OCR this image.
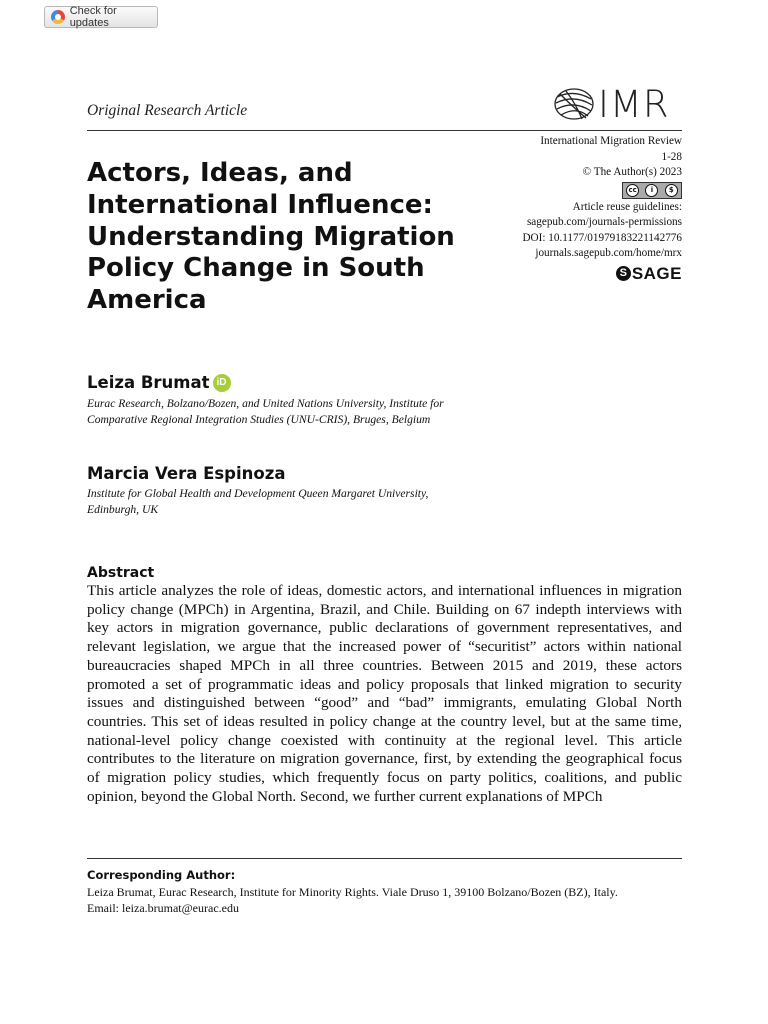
Check for updates
Original Research Article	IMR
International Migration Review
1-28
© The Author(s) 2023
cc	i	$
Article reuse guidelines:
sagepub.com/journals-permissions
DOI: 10.1177/01979183221142776
journals.sagepub.com/home/mrx
S SAGE
Actors, Ideas, and International Influence: Understanding Migration Policy Change in South America
Leiza Brumat iD

Eurac Research, Bolzano/Bozen, and United Nations University, Institute for Comparative Regional Integration Studies (UNU-CRIS), Bruges, Belgium

Marcia Vera Espinoza

Institute for Global Health and Development Queen Margaret University, Edinburgh, UK

Abstract

This article analyzes the role of ideas, domestic actors, and international influences in migration policy change (MPCh) in Argentina, Brazil, and Chile. Building on 67 indepth interviews with key actors in migration governance, public declarations of government representatives, and relevant legislation, we argue that the increased power of “securitist” actors within national bureaucracies shaped MPCh in all three countries. Between 2015 and 2019, these actors promoted a set of programmatic ideas and policy proposals that linked migration to security issues and distinguished between “good” and “bad” immigrants, emulating Global North countries. This set of ideas resulted in policy change at the country level, but at the same time, national-level policy change coexisted with continuity at the regional level. This article contributes to the literature on migration governance, first, by extending the geographical focus of migration policy studies, which frequently focus on party politics, coalitions, and public opinion, beyond the Global North. Second, we further current explanations of MPCh

Corresponding Author:
Leiza Brumat, Eurac Research, Institute for Minority Rights. Viale Druso 1, 39100 Bolzano/Bozen (BZ), Italy.
Email: leiza.brumat@eurac.edu
